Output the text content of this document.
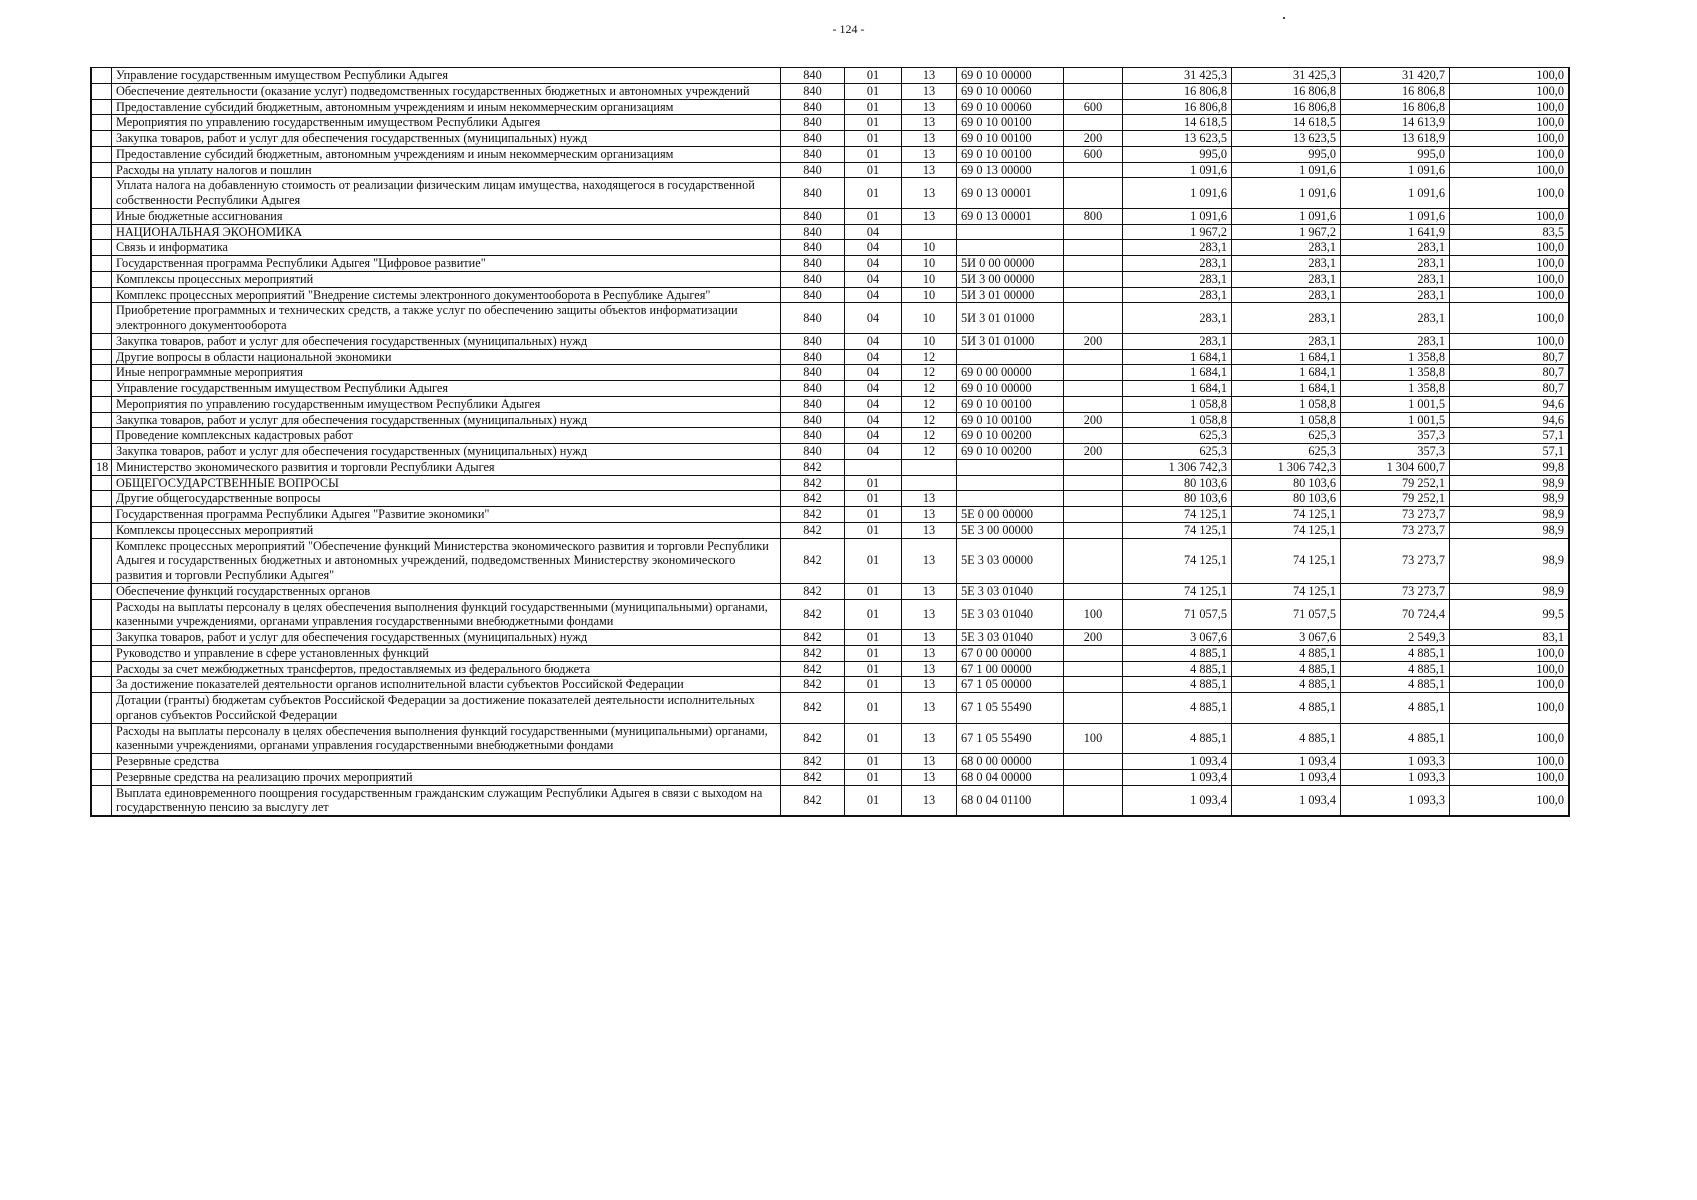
- 124 -
	Управление государственным имуществом Республики Адыгея	840	01	13	69 0 10 00000		31 425,3	31 425,3	31 420,7	100,0
	Обеспечение деятельности (оказание услуг) подведомственных государственных бюджетных и автономных учреждений	840	01	13	69 0 10 00060		16 806,8	16 806,8	16 806,8	100,0
	Предоставление субсидий бюджетным, автономным учреждениям и иным некоммерческим организациям	840	01	13	69 0 10 00060	600	16 806,8	16 806,8	16 806,8	100,0
	Мероприятия по управлению государственным имуществом Республики Адыгея	840	01	13	69 0 10 00100		14 618,5	14 618,5	14 613,9	100,0
	Закупка товаров, работ и услуг для обеспечения государственных (муниципальных) нужд	840	01	13	69 0 10 00100	200	13 623,5	13 623,5	13 618,9	100,0
	Предоставление субсидий бюджетным, автономным учреждениям и иным некоммерческим организациям	840	01	13	69 0 10 00100	600	995,0	995,0	995,0	100,0
	Расходы на уплату налогов и пошлин	840	01	13	69 0 13 00000		1 091,6	1 091,6	1 091,6	100,0
	Уплата налога на добавленную стоимость от реализации физическим лицам имущества, находящегося в государственной собственности Республики Адыгея	840	01	13	69 0 13 00001		1 091,6	1 091,6	1 091,6	100,0
	Иные бюджетные ассигнования	840	01	13	69 0 13 00001	800	1 091,6	1 091,6	1 091,6	100,0
	НАЦИОНАЛЬНАЯ ЭКОНОМИКА	840	04				1 967,2	1 967,2	1 641,9	83,5
	Связь и информатика	840	04	10			283,1	283,1	283,1	100,0
	Государственная программа Республики Адыгея "Цифровое развитие"	840	04	10	5И 0 00 00000		283,1	283,1	283,1	100,0
	Комплексы процессных мероприятий	840	04	10	5И 3 00 00000		283,1	283,1	283,1	100,0
	Комплекс процессных мероприятий "Внедрение системы электронного документооборота в Республике Адыгея"	840	04	10	5И 3 01 00000		283,1	283,1	283,1	100,0
	Приобретение программных и технических средств, а также услуг по обеспечению защиты объектов информатизации электронного документооборота	840	04	10	5И 3 01 01000		283,1	283,1	283,1	100,0
	Закупка товаров, работ и услуг для обеспечения государственных (муниципальных) нужд	840	04	10	5И 3 01 01000	200	283,1	283,1	283,1	100,0
	Другие вопросы в области национальной экономики	840	04	12			1 684,1	1 684,1	1 358,8	80,7
	Иные непрограммные мероприятия	840	04	12	69 0 00 00000		1 684,1	1 684,1	1 358,8	80,7
	Управление государственным имуществом Республики Адыгея	840	04	12	69 0 10 00000		1 684,1	1 684,1	1 358,8	80,7
	Мероприятия по управлению государственным имуществом Республики Адыгея	840	04	12	69 0 10 00100		1 058,8	1 058,8	1 001,5	94,6
	Закупка товаров, работ и услуг для обеспечения государственных (муниципальных) нужд	840	04	12	69 0 10 00100	200	1 058,8	1 058,8	1 001,5	94,6
	Проведение комплексных кадастровых работ	840	04	12	69 0 10 00200		625,3	625,3	357,3	57,1
	Закупка товаров, работ и услуг для обеспечения государственных (муниципальных) нужд	840	04	12	69 0 10 00200	200	625,3	625,3	357,3	57,1
18	Министерство экономического развития и торговли Республики Адыгея	842					1 306 742,3	1 306 742,3	1 304 600,7	99,8
	ОБЩЕГОСУДАРСТВЕННЫЕ ВОПРОСЫ	842	01				80 103,6	80 103,6	79 252,1	98,9
	Другие общегосударственные вопросы	842	01	13			80 103,6	80 103,6	79 252,1	98,9
	Государственная программа Республики Адыгея "Развитие экономики"	842	01	13	5Е 0 00 00000		74 125,1	74 125,1	73 273,7	98,9
	Комплексы процессных мероприятий	842	01	13	5Е 3 00 00000		74 125,1	74 125,1	73 273,7	98,9
	Комплекс процессных мероприятий "Обеспечение функций Министерства экономического развития и торговли Республики Адыгея и государственных бюджетных и автономных учреждений, подведомственных Министерству экономического развития и торговли Республики Адыгея"	842	01	13	5Е 3 03 00000		74 125,1	74 125,1	73 273,7	98,9
	Обеспечение функций государственных органов	842	01	13	5Е 3 03 01040		74 125,1	74 125,1	73 273,7	98,9
	Расходы на выплаты персоналу в целях обеспечения выполнения функций государственными (муниципальными) органами, казенными учреждениями, органами управления государственными внебюджетными фондами	842	01	13	5Е 3 03 01040	100	71 057,5	71 057,5	70 724,4	99,5
	Закупка товаров, работ и услуг для обеспечения государственных (муниципальных) нужд	842	01	13	5Е 3 03 01040	200	3 067,6	3 067,6	2 549,3	83,1
	Руководство и управление в сфере установленных функций	842	01	13	67 0 00 00000		4 885,1	4 885,1	4 885,1	100,0
	Расходы за счет межбюджетных трансфертов, предоставляемых из федерального бюджета	842	01	13	67 1 00 00000		4 885,1	4 885,1	4 885,1	100,0
	За достижение показателей деятельности органов исполнительной власти субъектов Российской Федерации	842	01	13	67 1 05 00000		4 885,1	4 885,1	4 885,1	100,0
	Дотации (гранты) бюджетам субъектов Российской Федерации за достижение показателей деятельности исполнительных органов субъектов Российской Федерации	842	01	13	67 1 05 55490		4 885,1	4 885,1	4 885,1	100,0
	Расходы на выплаты персоналу в целях обеспечения выполнения функций государственными (муниципальными) органами, казенными учреждениями, органами управления государственными внебюджетными фондами	842	01	13	67 1 05 55490	100	4 885,1	4 885,1	4 885,1	100,0
	Резервные средства	842	01	13	68 0 00 00000		1 093,4	1 093,4	1 093,3	100,0
	Резервные средства на реализацию прочих мероприятий	842	01	13	68 0 04 00000		1 093,4	1 093,4	1 093,3	100,0
	Выплата единовременного поощрения государственным гражданским служащим Республики Адыгея в связи с выходом на государственную пенсию за выслугу лет	842	01	13	68 0 04 01100		1 093,4	1 093,4	1 093,3	100,0
